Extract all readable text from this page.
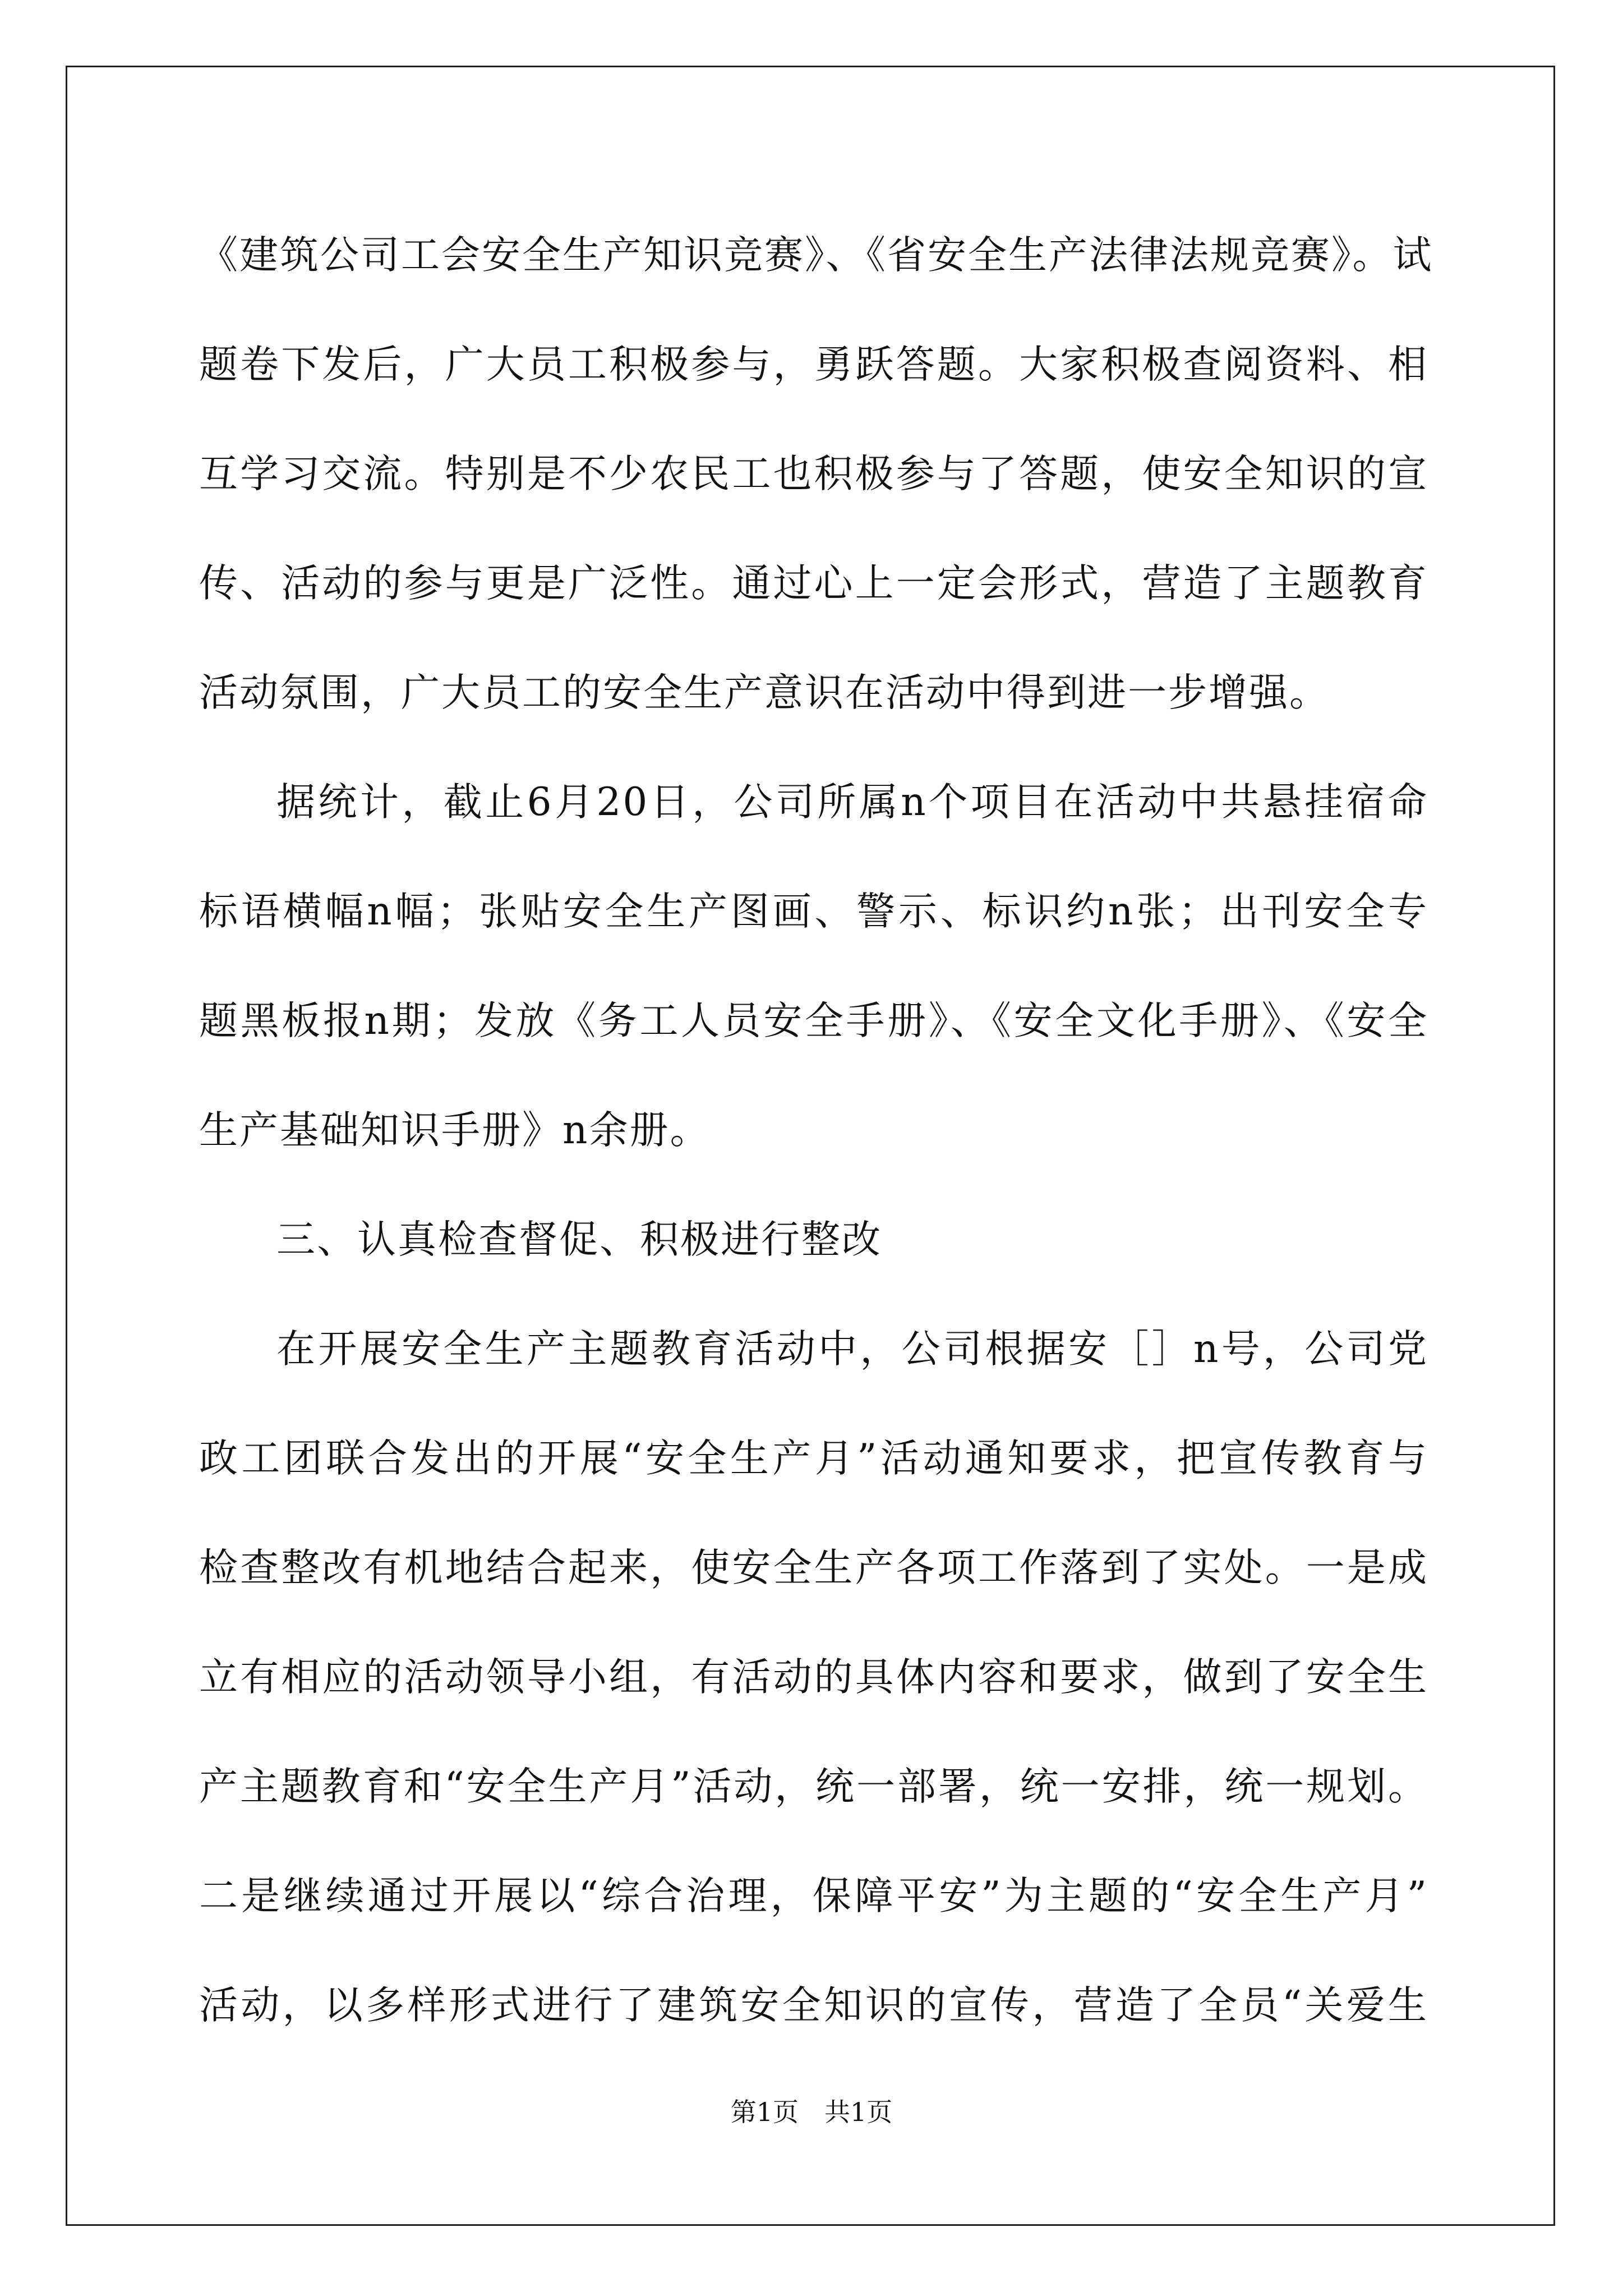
《建筑公司工会安全生产知识竞赛》、《省安全生产法律法规竞赛》。试
题卷下发后，广大员工积极参与，勇跃答题。大家积极查阅资料、相
互学习交流。特别是不少农民工也积极参与了答题，使安全知识的宣
传、活动的参与更是广泛性。通过心上一定会形式，营造了主题教育
活动氛围，广大员工的安全生产意识在活动中得到进一步增强。
据统计，截止6月20日，公司所属n个项目在活动中共悬挂宿命
标语横幅n幅；张贴安全生产图画、警示、标识约n张；出刊安全专
题黑板报n期；发放《务工人员安全手册》、《安全文化手册》、《安全
生产基础知识手册》n余册。
三、认真检查督促、积极进行整改
在开展安全生产主题教育活动中，公司根据安［］n号，公司党
政工团联合发出的开展“安全生产月”活动通知要求，把宣传教育与
检查整改有机地结合起来，使安全生产各项工作落到了实处。一是成
立有相应的活动领导小组，有活动的具体内容和要求，做到了安全生
产主题教育和“安全生产月”活动，统一部署，统一安排，统一规划。
二是继续通过开展以“综合治理，保障平安”为主题的“安全生产月”
活动，以多样形式进行了建筑安全知识的宣传，营造了全员“关爱生
第1页　共1页
